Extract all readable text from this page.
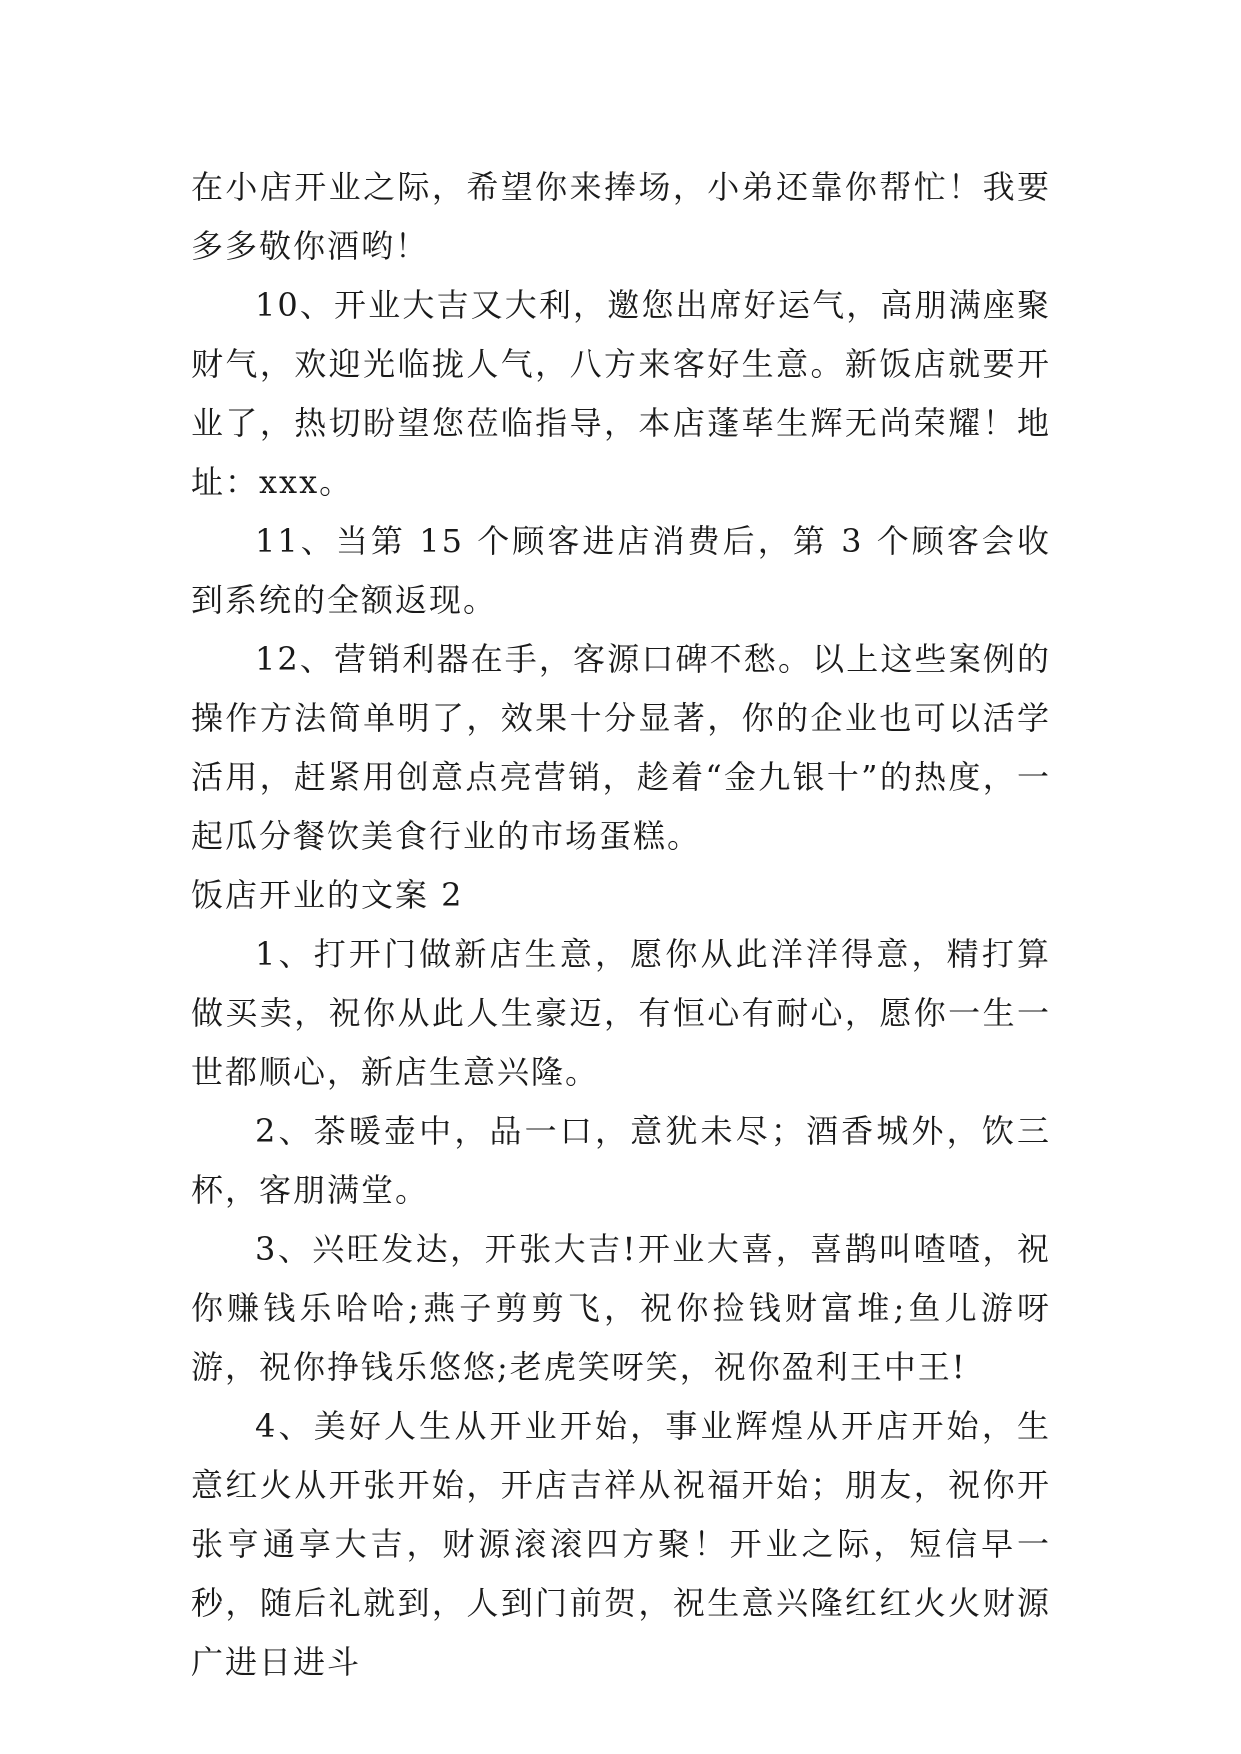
在小店开业之际，希望你来捧场，小弟还靠你帮忙！我要多多敬你酒哟！

10、开业大吉又大利，邀您出席好运气，高朋满座聚财气，欢迎光临拢人气，八方来客好生意。新饭店就要开业了，热切盼望您莅临指导，本店蓬荜生辉无尚荣耀！地址：xxx。

11、当第 15 个顾客进店消费后，第 3 个顾客会收到系统的全额返现。

12、营销利器在手，客源口碑不愁。以上这些案例的操作方法简单明了，效果十分显著，你的企业也可以活学活用，赶紧用创意点亮营销，趁着“金九银十”的热度，一起瓜分餐饮美食行业的市场蛋糕。

饭店开业的文案 2

1、打开门做新店生意，愿你从此洋洋得意，精打算做买卖，祝你从此人生豪迈，有恒心有耐心，愿你一生一世都顺心，新店生意兴隆。

2、茶暖壶中，品一口，意犹未尽；酒香城外，饮三杯，客朋满堂。

3、兴旺发达，开张大吉!开业大喜，喜鹊叫喳喳，祝你赚钱乐哈哈;燕子剪剪飞，祝你捡钱财富堆;鱼儿游呀游，祝你挣钱乐悠悠;老虎笑呀笑，祝你盈利王中王!

4、美好人生从开业开始，事业辉煌从开店开始，生意红火从开张开始，开店吉祥从祝福开始；朋友，祝你开张亨通享大吉，财源滚滚四方聚！开业之际，短信早一秒，随后礼就到，人到门前贺，祝生意兴隆红红火火财源广进日进斗
